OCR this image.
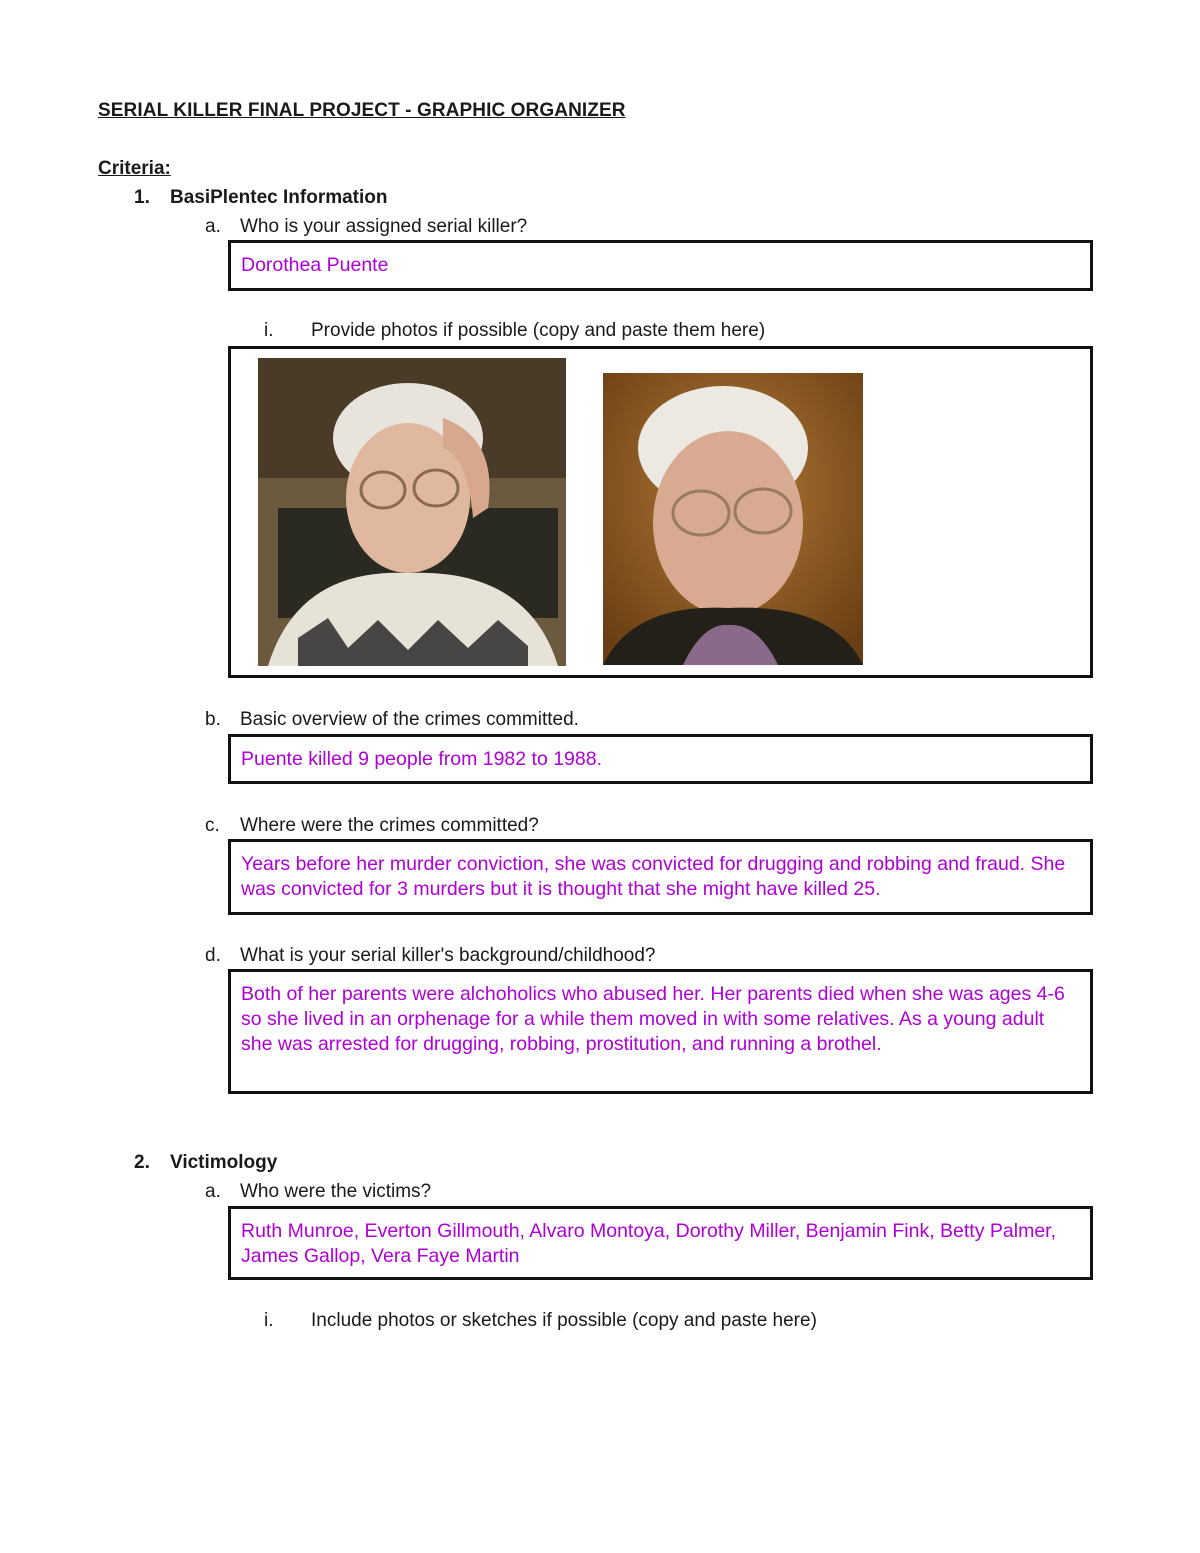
SERIAL KILLER FINAL PROJECT - GRAPHIC ORGANIZER
Criteria:
1. BasiPlentec Information
a. Who is your assigned serial killer?
Dorothea Puente
i. Provide photos if possible (copy and paste them here)
b. Basic overview of the crimes committed.
Puente killed 9 people from 1982 to 1988.
c. Where were the crimes committed?
Years before her murder conviction, she was convicted for drugging and robbing and fraud. She was convicted for 3 murders but it is thought that she might have killed 25.
d. What is your serial killer's background/childhood?
Both of her parents were alchoholics who abused her. Her parents died when she was ages 4-6 so she lived in an orphenage for a while them moved in with some relatives. As a young adult she was arrested for drugging, robbing, prostitution, and running a brothel.
2. Victimology
a. Who were the victims?
Ruth Munroe, Everton Gillmouth, Alvaro Montoya, Dorothy Miller, Benjamin Fink, Betty Palmer, James Gallop, Vera Faye Martin
i. Include photos or sketches if possible (copy and paste here)
